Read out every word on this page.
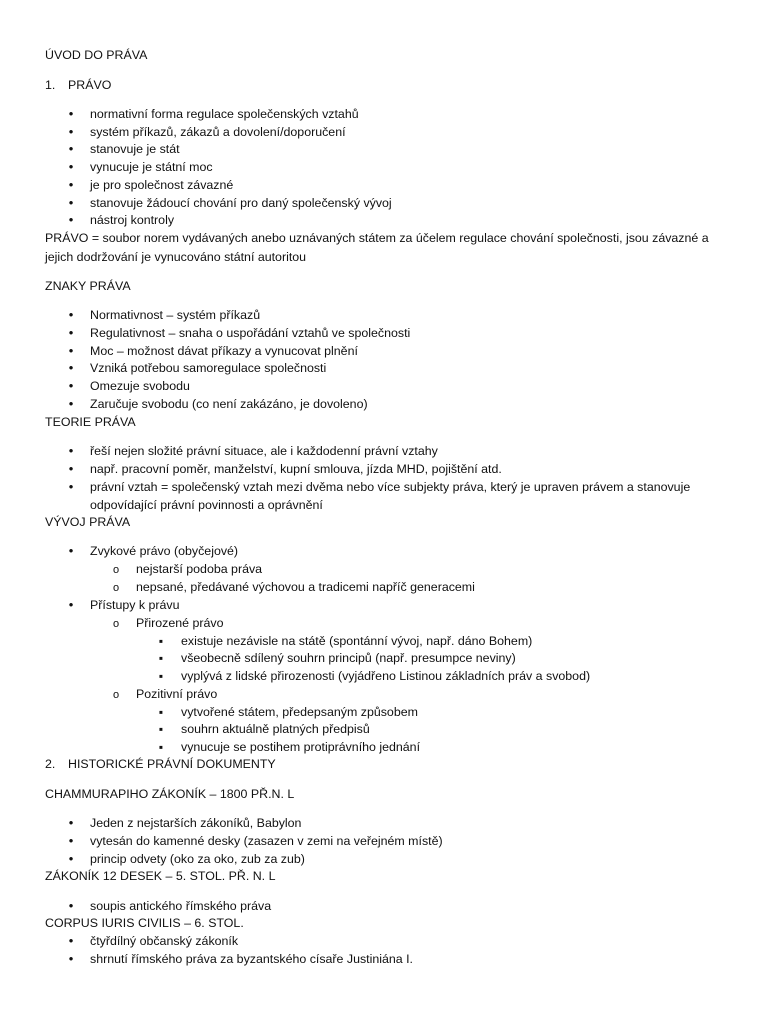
ÚVOD DO PRÁVA
1. PRÁVO
•
normativní forma regulace společenských vztahů
•
systém příkazů, zákazů a dovolení/doporučení
•
stanovuje je stát
•
vynucuje je státní moc
•
je pro společnost závazné
•
stanovuje žádoucí chování pro daný společenský vývoj
•
nástroj kontroly
PRÁVO = soubor norem vydávaných anebo uznávaných státem za účelem regulace chování společnosti, jsou závazné a
jejich dodržování je vynucováno státní autoritou
ZNAKY PRÁVA
•
Normativnost – systém příkazů
•
Regulativnost – snaha o uspořádání vztahů ve společnosti
•
Moc – možnost dávat příkazy a vynucovat plnění
•
Vzniká potřebou samoregulace společnosti
•
Omezuje svobodu
•
Zaručuje svobodu (co není zakázáno, je dovoleno)
TEORIE PRÁVA
•
řeší nejen složité právní situace, ale i každodenní právní vztahy
•
např. pracovní poměr, manželství, kupní smlouva, jízda MHD, pojištění atd.
•
právní vztah = společenský vztah mezi dvěma nebo více subjekty práva, který je upraven právem a stanovuje
odpovídající právní povinnosti a oprávnění
VÝVOJ PRÁVA
•
Zvykové právo (obyčejové)
o
nejstarší podoba práva
o
nepsané, předávané výchovou a tradicemi napříč generacemi
•
Přístupy k právu
o
Přirozené právo
▪
existuje nezávisle na státě (spontánní vývoj, např. dáno Bohem)
▪
všeobecně sdílený souhrn principů (např. presumpce neviny)
▪
vyplývá z lidské přirozenosti (vyjádřeno Listinou základních práv a svobod)
o
Pozitivní právo
▪
vytvořené státem, předepsaným způsobem
▪
souhrn aktuálně platných předpisů
▪
vynucuje se postihem protiprávního jednání
2. HISTORICKÉ PRÁVNÍ DOKUMENTY
CHAMMURAPIHO ZÁKONÍK – 1800 PŘ.N. L
•
Jeden z nejstarších zákoníků, Babylon
•
vytesán do kamenné desky (zasazen v zemi na veřejném místě)
•
princip odvety (oko za oko, zub za zub)
ZÁKONÍK 12 DESEK – 5. STOL. PŘ. N. L
•
soupis antického římského práva
CORPUS IURIS CIVILIS – 6. STOL.
•
čtyřdílný občanský zákoník
•
shrnutí římského práva za byzantského císaře Justiniána I.
